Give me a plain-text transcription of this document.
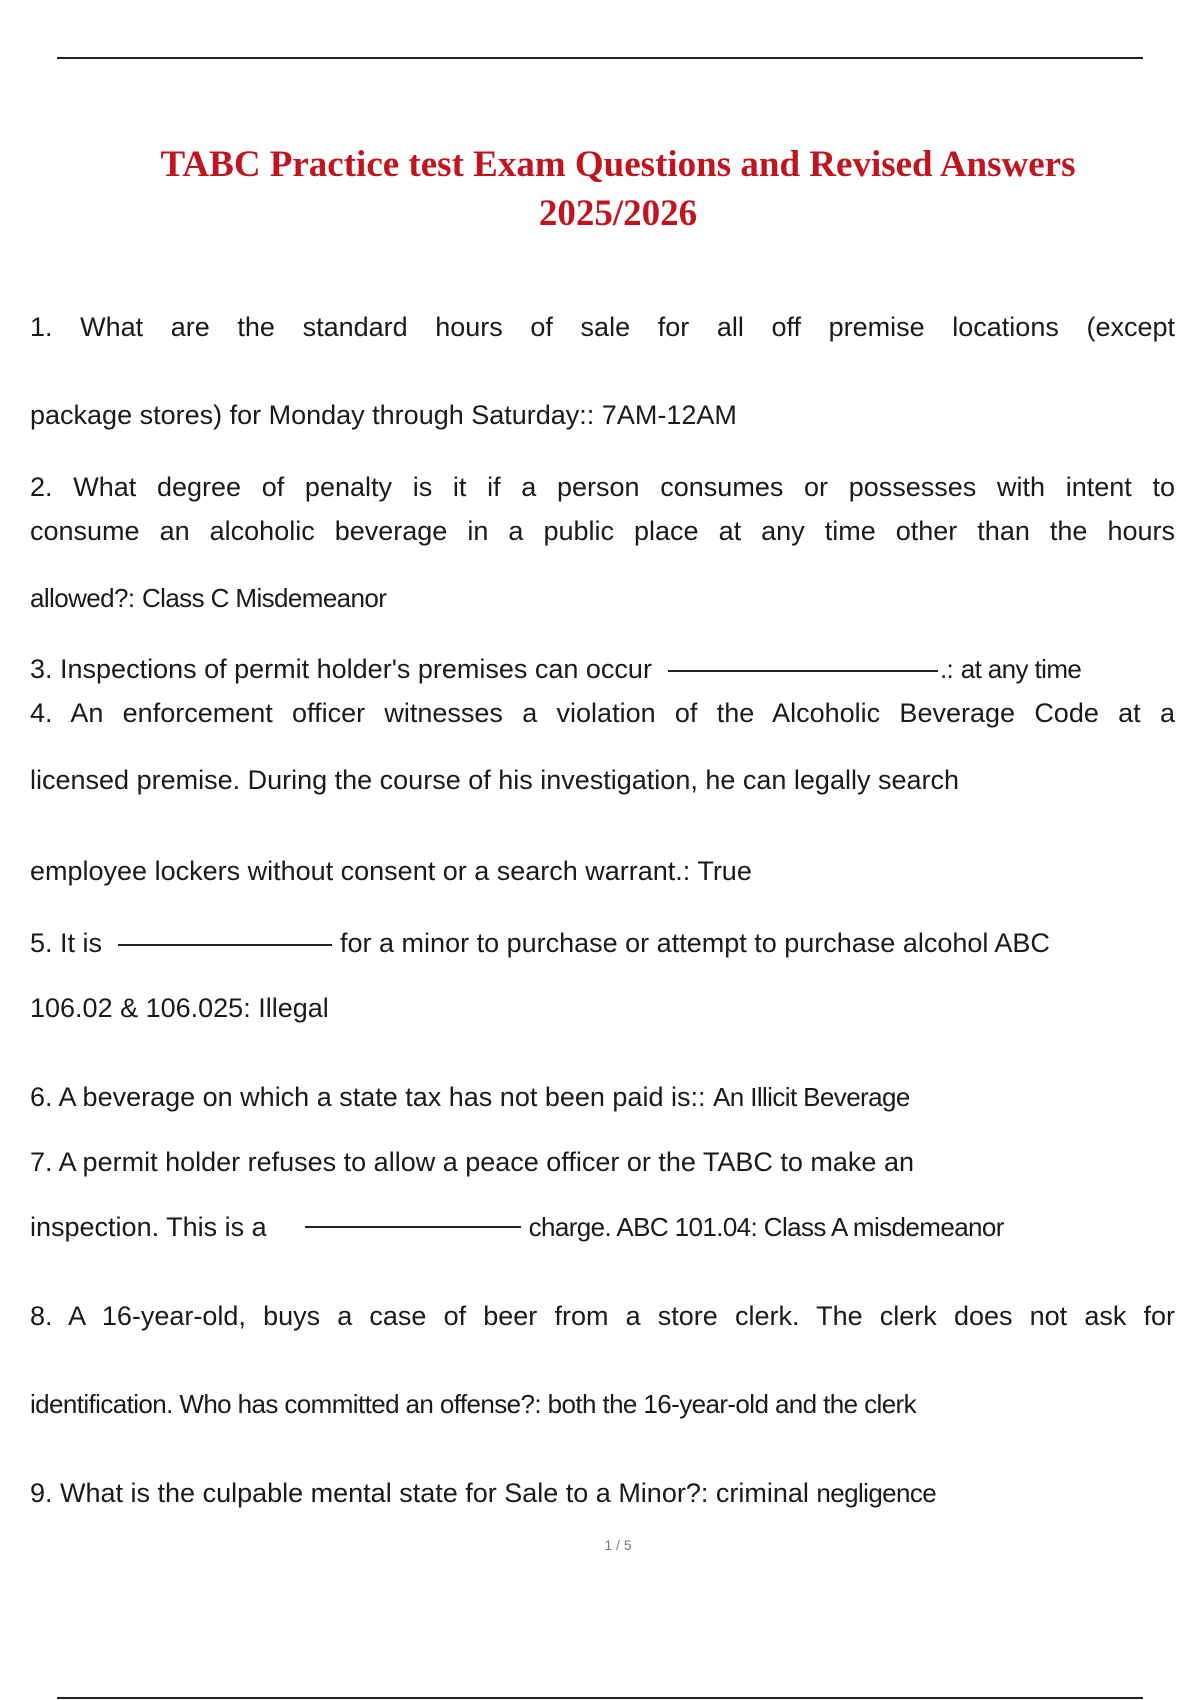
TABC Practice test Exam Questions and Revised Answers
2025/2026
1. What are the standard hours of sale for all off premise locations (except
package stores) for Monday through Saturday:: 7AM-12AM
2. What degree of penalty is it if a person consumes or possesses with intent to
consume an alcoholic beverage in a public place at any time other than the hours
allowed?: Class C Misdemeanor
3. Inspections of permit holder's premises can occur	.: at any time
4. An enforcement officer witnesses a violation of the Alcoholic Beverage Code at a
licensed premise. During the course of his investigation, he can legally search
employee lockers without consent or a search warrant.: True
5. It is	for a minor to purchase or attempt to purchase alcohol ABC
106.02 & 106.025: Illegal
6. A beverage on which a state tax has not been paid is:: An Illicit Beverage
7. A permit holder refuses to allow a peace officer or the TABC to make an
inspection. This is a	charge. ABC 101.04: Class A misdemeanor
8. A 16-year-old, buys a case of beer from a store clerk. The clerk does not ask for
identification. Who has committed an offense?: both the 16-year-old and the clerk
9. What is the culpable mental state for Sale to a Minor?: criminal negligence
1 / 5
